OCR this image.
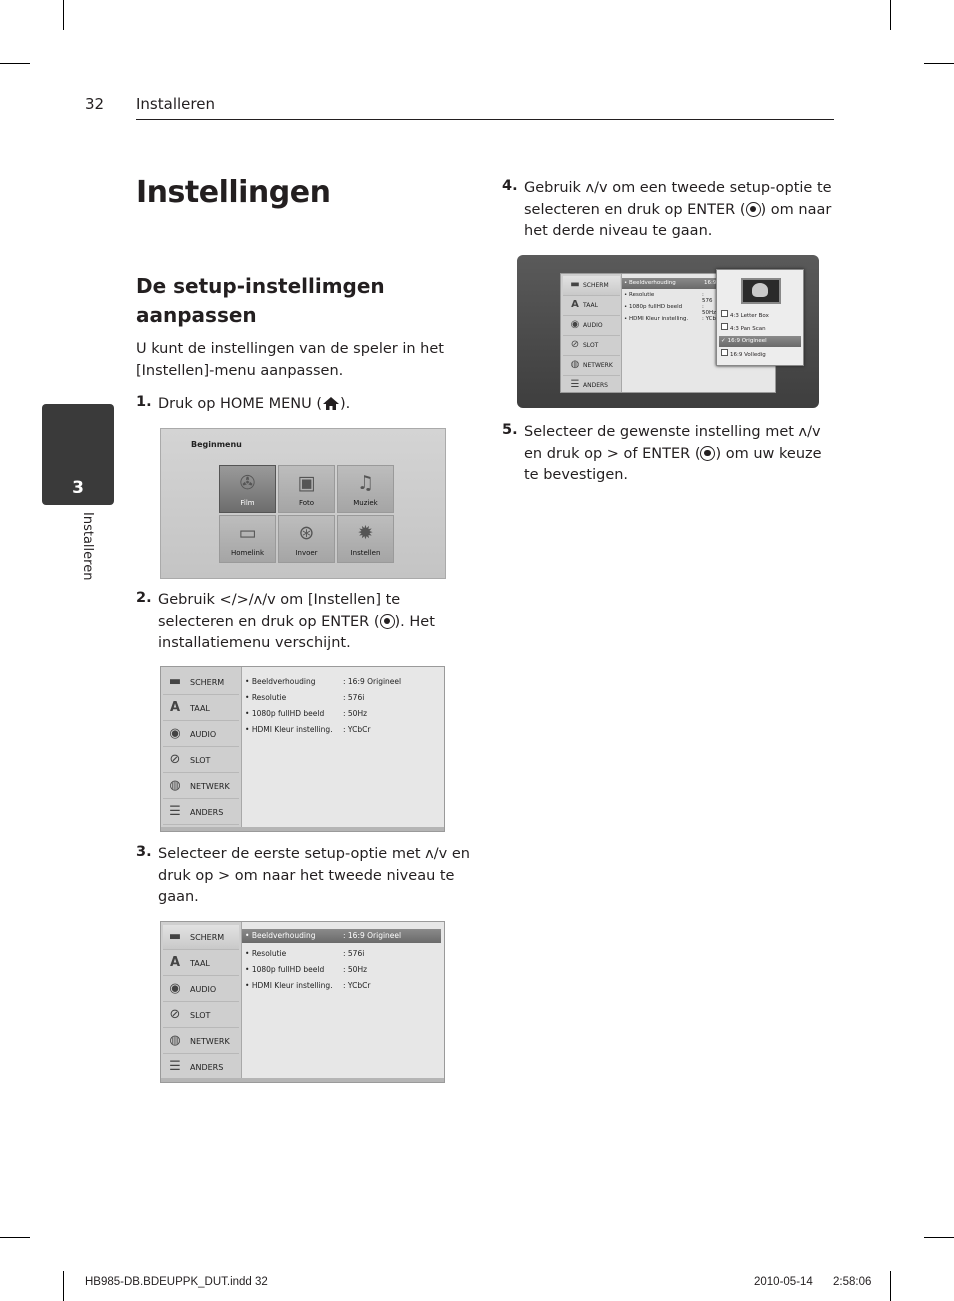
32 Installeren
3
Installeren
Instellingen
De setup-instellimgen aanpassen
U kunt de instellingen van de speler in het [Instellen]-menu aanpassen.
1. Druk op HOME MENU ( ).
Beginmenu
✇
Film
▣
Foto
♫
Muziek
▭
Homelink
⊛
Invoer
✹
Instellen
2. Gebruik </>/ʌ/v om [Instellen] te selecteren en druk op ENTER ( ). Het installatiemenu verschijnt.
▬ SCHERM
A	TAAL
◉ AUDIO
⊘	SLOT
◍ NETWERK
☰ ANDERS
• Beeldverhouding	: 16:9 Origineel
• Resolutie	: 576i
• 1080p fullHD beeld	: 50Hz
• HDMI Kleur instelling. : YCbCr
3. Selecteer de eerste setup-optie met ʌ/v en druk op > om naar het tweede niveau te gaan.
▬ SCHERM
A	TAAL
◉ AUDIO
⊘	SLOT
◍ NETWERK
☰ ANDERS
• Beeldverhouding	: 16:9 Origineel
• Resolutie	: 576i
• 1080p fullHD beeld	: 50Hz
• HDMI Kleur instelling. : YCbCr
4. Gebruik ʌ/v om een tweede setup-optie te selecteren en druk op ENTER ( ) om naar het derde niveau te gaan.
▬ SCHERM
A TAAL
◉ AUDIO
⊘ SLOT
◍ NETWERK
☰ ANDERS
• Beeldverhouding	16:9
• Resolutie	: 576
• 1080p fullHD beeld	: 50Hz
• HDMI Kleur instelling.	: YCb	4:3 Letter Box
4:3 Pan Scan
✓ 16:9 Origineel
16:9 Volledig
5. Selecteer de gewenste instelling met ʌ/v en druk op > of ENTER ( ) om uw keuze te bevestigen.
HB985-DB.BDEUPPK_DUT.indd 32	2010-05-14 2:58:06
